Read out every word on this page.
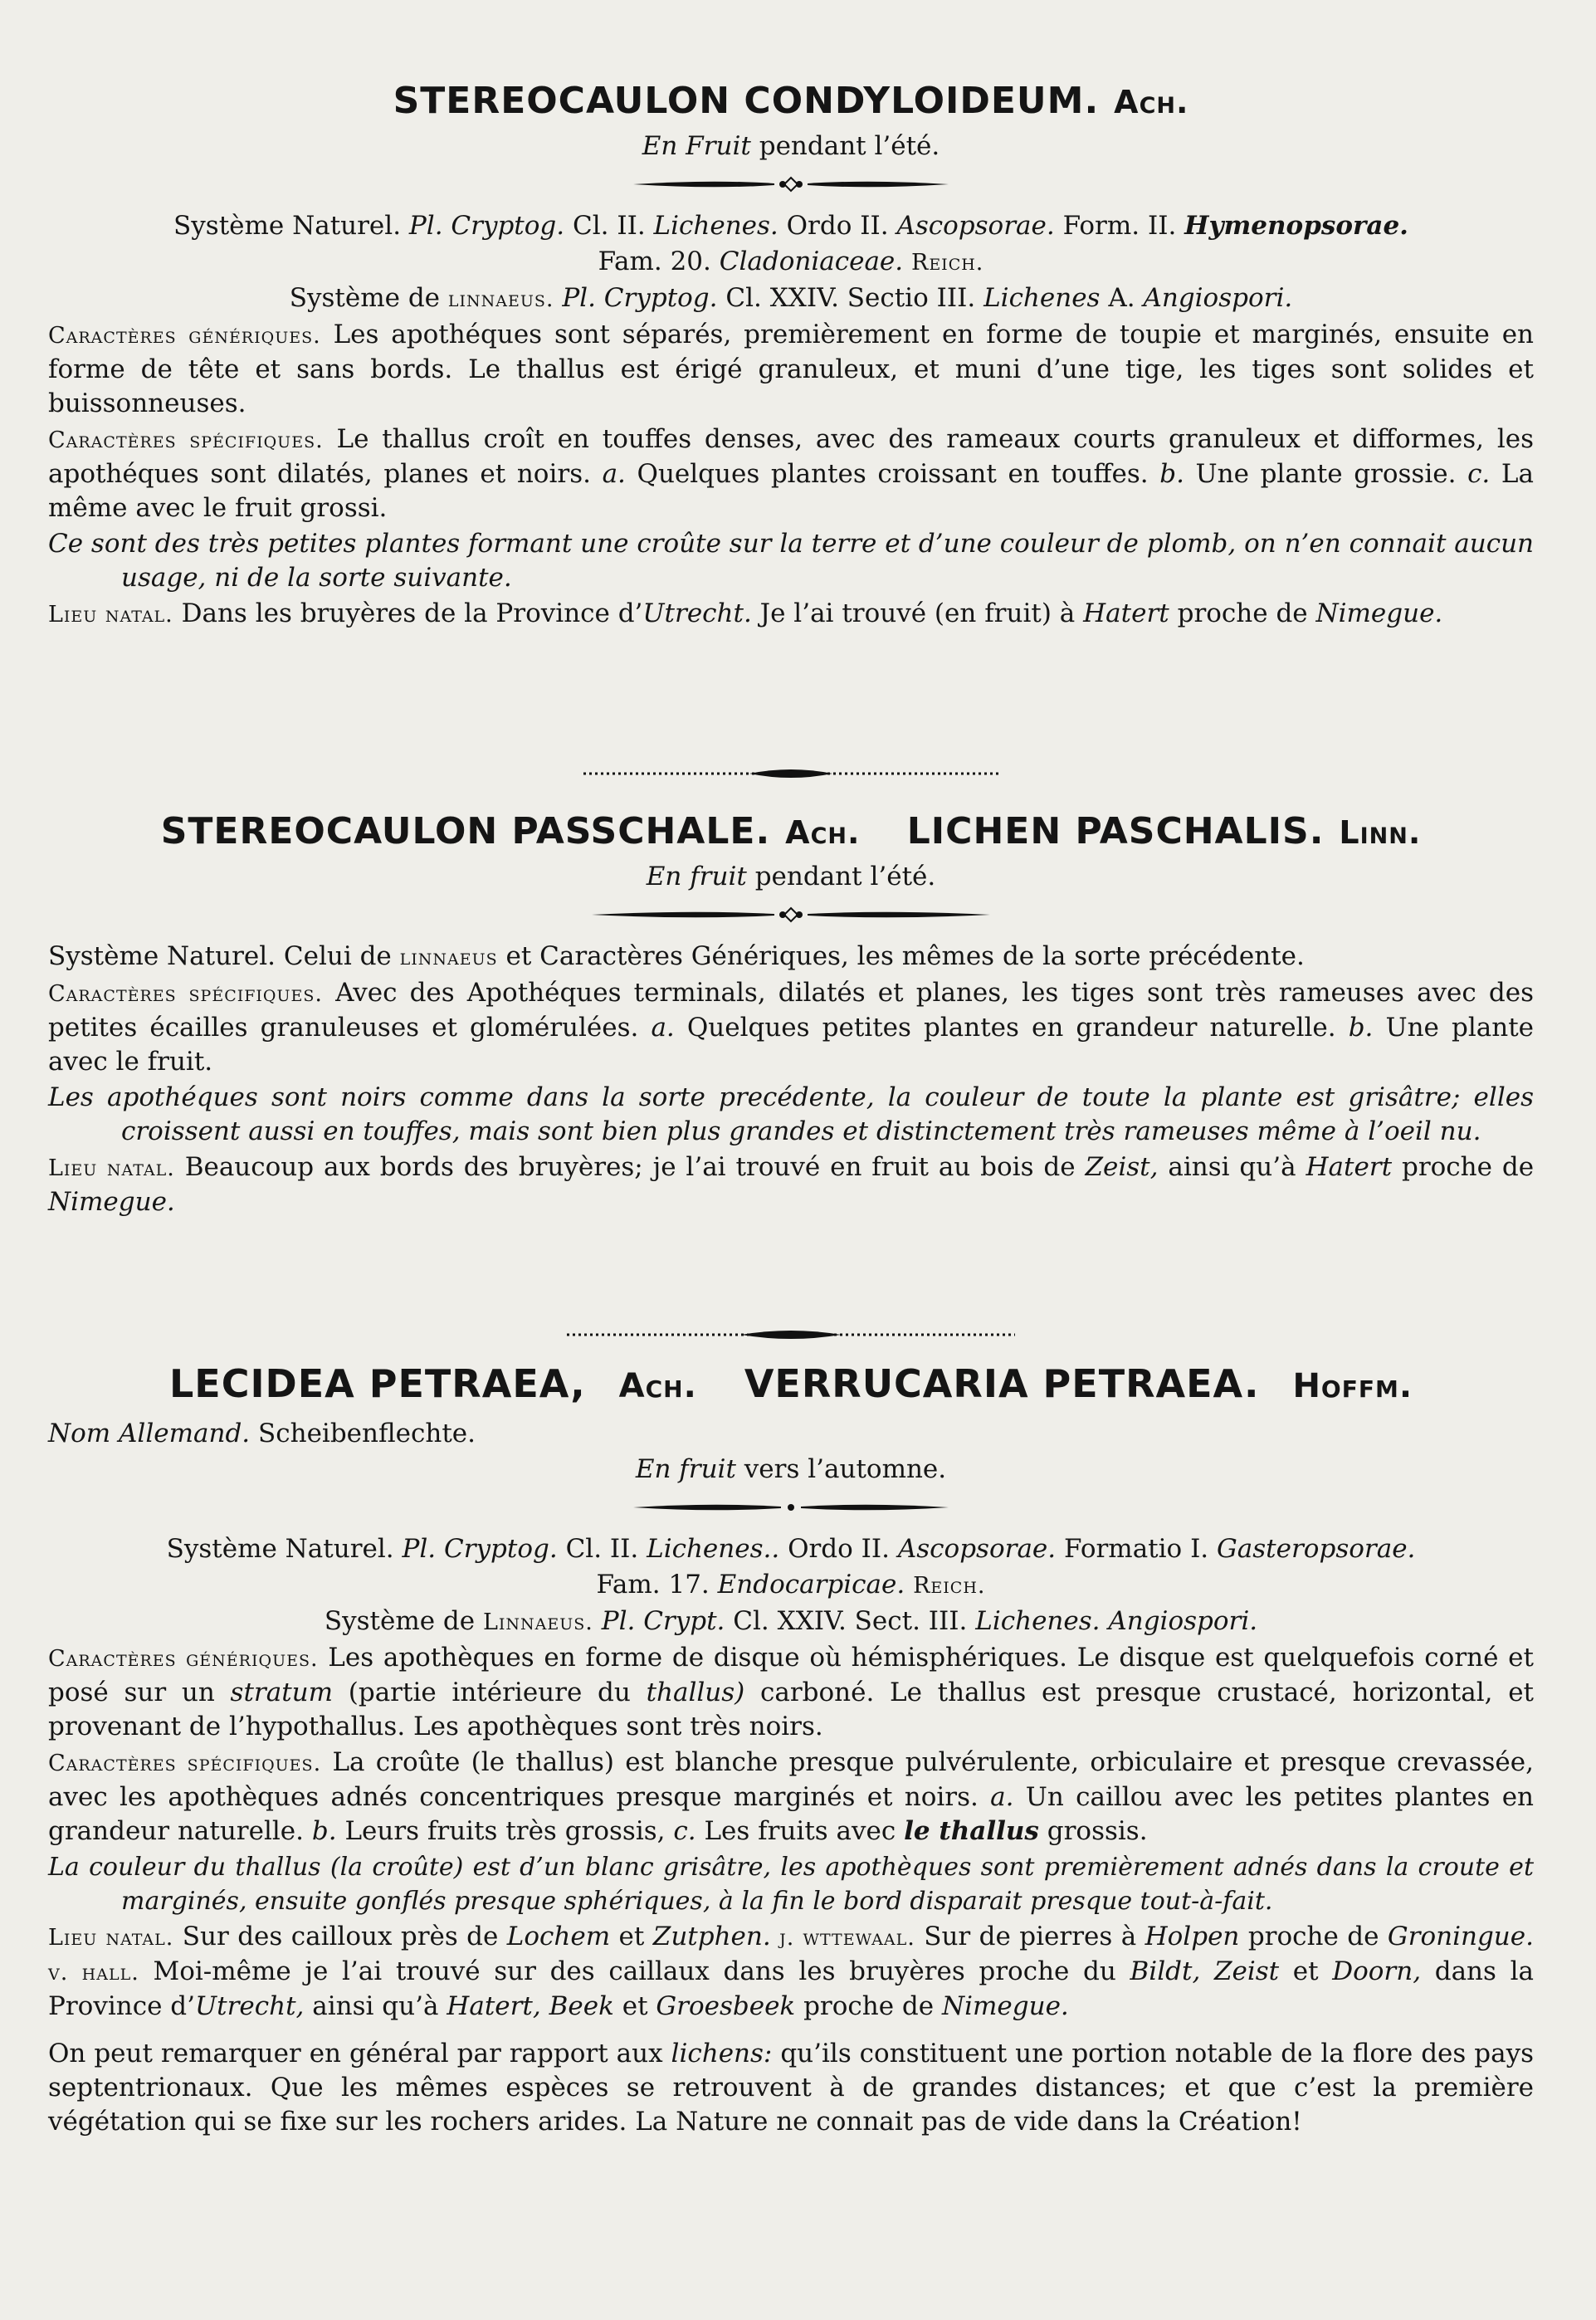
STEREOCAULON CONDYLOIDEUM. Ach.
En Fruit pendant l’été.

Système Naturel. Pl. Cryptog. Cl. II. Lichenes. Ordo II. Ascopsorae. Form. II. Hymenopsorae.

Fam. 20. Cladoniaceae. Reich.

Système de linnaeus. Pl. Cryptog. Cl. XXIV. Sectio III. Lichenes A. Angiospori.

Caractères génériques. Les apothéques sont séparés, premièrement en forme de toupie et marginés, ensuite en forme de tête et sans bords. Le thallus est érigé granuleux, et muni d’une tige, les tiges sont solides et buissonneuses.

Caractères spécifiques. Le thallus croît en touffes denses, avec des rameaux courts granuleux et difformes, les apothéques sont dilatés, planes et noirs. a. Quelques plantes croissant en touffes. b. Une plante grossie. c. La même avec le fruit grossi.

Ce sont des très petites plantes formant une croûte sur la terre et d’une couleur de plomb, on n’en connait aucun usage, ni de la sorte suivante.

Lieu natal. Dans les bruyères de la Province d’Utrecht. Je l’ai trouvé (en fruit) à Hatert proche de Nimegue.

STEREOCAULON PASSCHALE. Ach. LICHEN PASCHALIS. Linn.
En fruit pendant l’été.

Système Naturel. Celui de linnaeus et Caractères Génériques, les mêmes de la sorte précédente.

Caractères spécifiques. Avec des Apothéques terminals, dilatés et planes, les tiges sont très rameuses avec des petites écailles granuleuses et glomérulées. a. Quelques petites plantes en grandeur naturelle. b. Une plante avec le fruit.

Les apothéques sont noirs comme dans la sorte precédente, la couleur de toute la plante est grisâtre; elles croissent aussi en touffes, mais sont bien plus grandes et distinctement très rameuses même à l’oeil nu.

Lieu natal. Beaucoup aux bords des bruyères; je l’ai trouvé en fruit au bois de Zeist, ainsi qu’à Hatert proche de Nimegue.

LECIDEA PETRAEA, Ach. VERRUCARIA PETRAEA. Hoffm.

Nom Allemand. Scheibenflechte.

En fruit vers l’automne.

Système Naturel. Pl. Cryptog. Cl. II. Lichenes.. Ordo II. Ascopsorae. Formatio I. Gasteropsorae.

Fam. 17. Endocarpicae. Reich.

Système de Linnaeus. Pl. Crypt. Cl. XXIV. Sect. III. Lichenes. Angiospori.

Caractères génériques. Les apothèques en forme de disque où hémisphériques. Le disque est quelquefois corné et posé sur un stratum (partie intérieure du thallus) carboné. Le thallus est presque crustacé, horizontal, et provenant de l’hypothallus. Les apothèques sont très noirs.

Caractères spécifiques. La croûte (le thallus) est blanche presque pulvérulente, orbiculaire et presque crevassée, avec les apothèques adnés concentriques presque marginés et noirs. a. Un caillou avec les petites plantes en grandeur naturelle. b. Leurs fruits très grossis, c. Les fruits avec le thallus grossis.

La couleur du thallus (la croûte) est d’un blanc grisâtre, les apothèques sont premièrement adnés dans la croute et marginés, ensuite gonflés presque sphériques, à la fin le bord disparait presque tout-à-fait.

Lieu natal. Sur des cailloux près de Lochem et Zutphen. j. wttewaal. Sur de pierres à Holpen proche de Groningue. v. hall. Moi-même je l’ai trouvé sur des caillaux dans les bruyères proche du Bildt, Zeist et Doorn, dans la Province d’Utrecht, ainsi qu’à Hatert, Beek et Groesbeek proche de Nimegue.

On peut remarquer en général par rapport aux lichens: qu’ils constituent une portion notable de la flore des pays septentrionaux. Que les mêmes espèces se retrouvent à de grandes distances; et que c’est la première végétation qui se fixe sur les rochers arides. La Nature ne connait pas de vide dans la Création!
